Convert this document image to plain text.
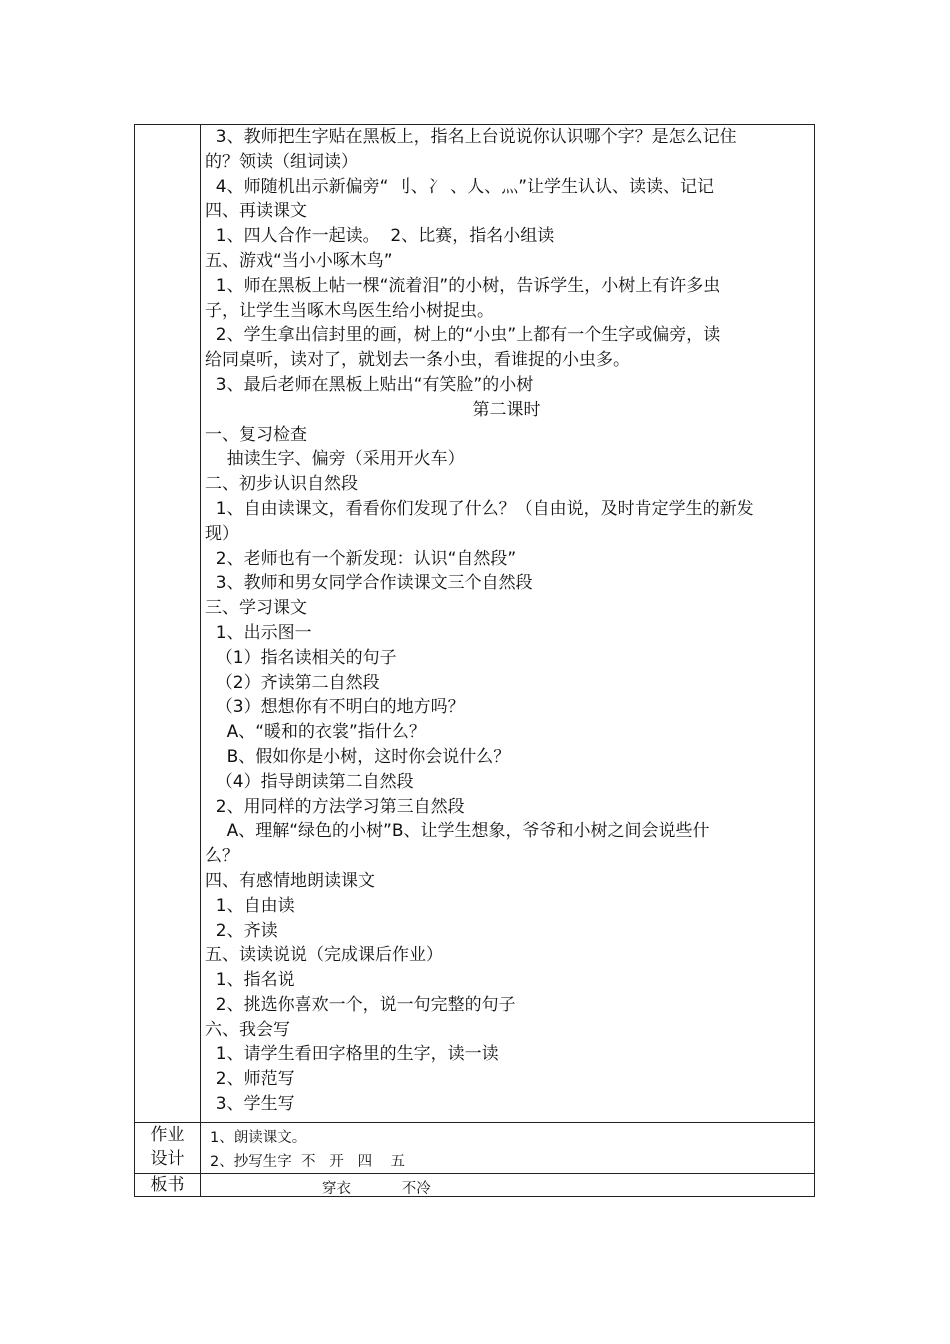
3、教师把生字贴在黑板上，指名上台说说你认识哪个字？是怎么记住
的？领读（组词读）
4、师随机出示新偏旁“ 刂、冫 、人、灬”让学生认认、读读、记记
四、再读课文
1、四人合作一起读。  2、比赛，指名小组读
五、游戏“当小小啄木鸟”
1、师在黑板上帖一棵“流着泪”的小树，告诉学生，小树上有许多虫
子，让学生当啄木鸟医生给小树捉虫。
2、学生拿出信封里的画，树上的“小虫”上都有一个生字或偏旁，读
给同桌听，读对了，就划去一条小虫，看谁捉的小虫多。
3、最后老师在黑板上贴出“有笑脸”的小树
第二课时
一、复习检查
抽读生字、偏旁（采用开火车）
二、初步认识自然段
1、自由读课文，看看你们发现了什么？（自由说，及时肯定学生的新发
现）
2、老师也有一个新发现：认识“自然段”
3、教师和男女同学合作读课文三个自然段
三、学习课文
1、出示图一
（1）指名读相关的句子
（2）齐读第二自然段
（3）想想你有不明白的地方吗？
A、“暖和的衣裳”指什么？
B、假如你是小树，这时你会说什么？
（4）指导朗读第二自然段
2、用同样的方法学习第三自然段
A、理解“绿色的小树”B、让学生想象，爷爷和小树之间会说些什
么？
四、有感情地朗读课文
1、自由读
2、齐读
五、读读说说（完成课后作业）
1、指名说
2、挑选你喜欢一个，说一句完整的句子
六、我会写
1、请学生看田字格里的生字，读一读
2、师范写
3、学生写
作业
设计
1、朗读课文。
2、抄写生字  不   开   四    五
板书	穿衣           不冷
